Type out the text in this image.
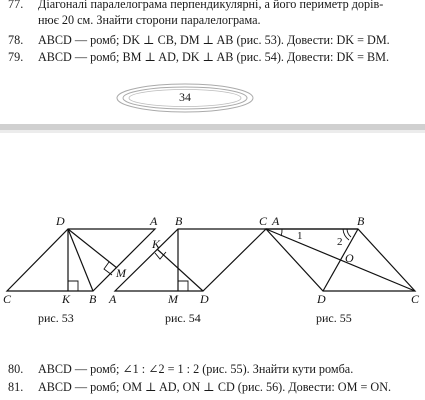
77. Діагоналі паралелограма перпендикулярні, а його периметр дорів-
нює 20 см. Знайти сторони паралелограма.
78. ABCD — ромб; DK ⊥ CB, DM ⊥ AB (рис. 53). Довести: DK = DM.
79. ABCD — ромб; BM ⊥ AD, DK ⊥ AB (рис. 54). Довести: DK = BM.
34
D	A
C	K B
M
рис. 53
B	C
K
A	M D
рис. 54
A	B
D	C
O
1	2
рис. 55
80. ABCD — ромб; ∠1 : ∠2 = 1 : 2 (рис. 55). Знайти кути ромба.
81. ABCD — ромб; OM ⊥ AD, ON ⊥ CD (рис. 56). Довести: OM = ON.
